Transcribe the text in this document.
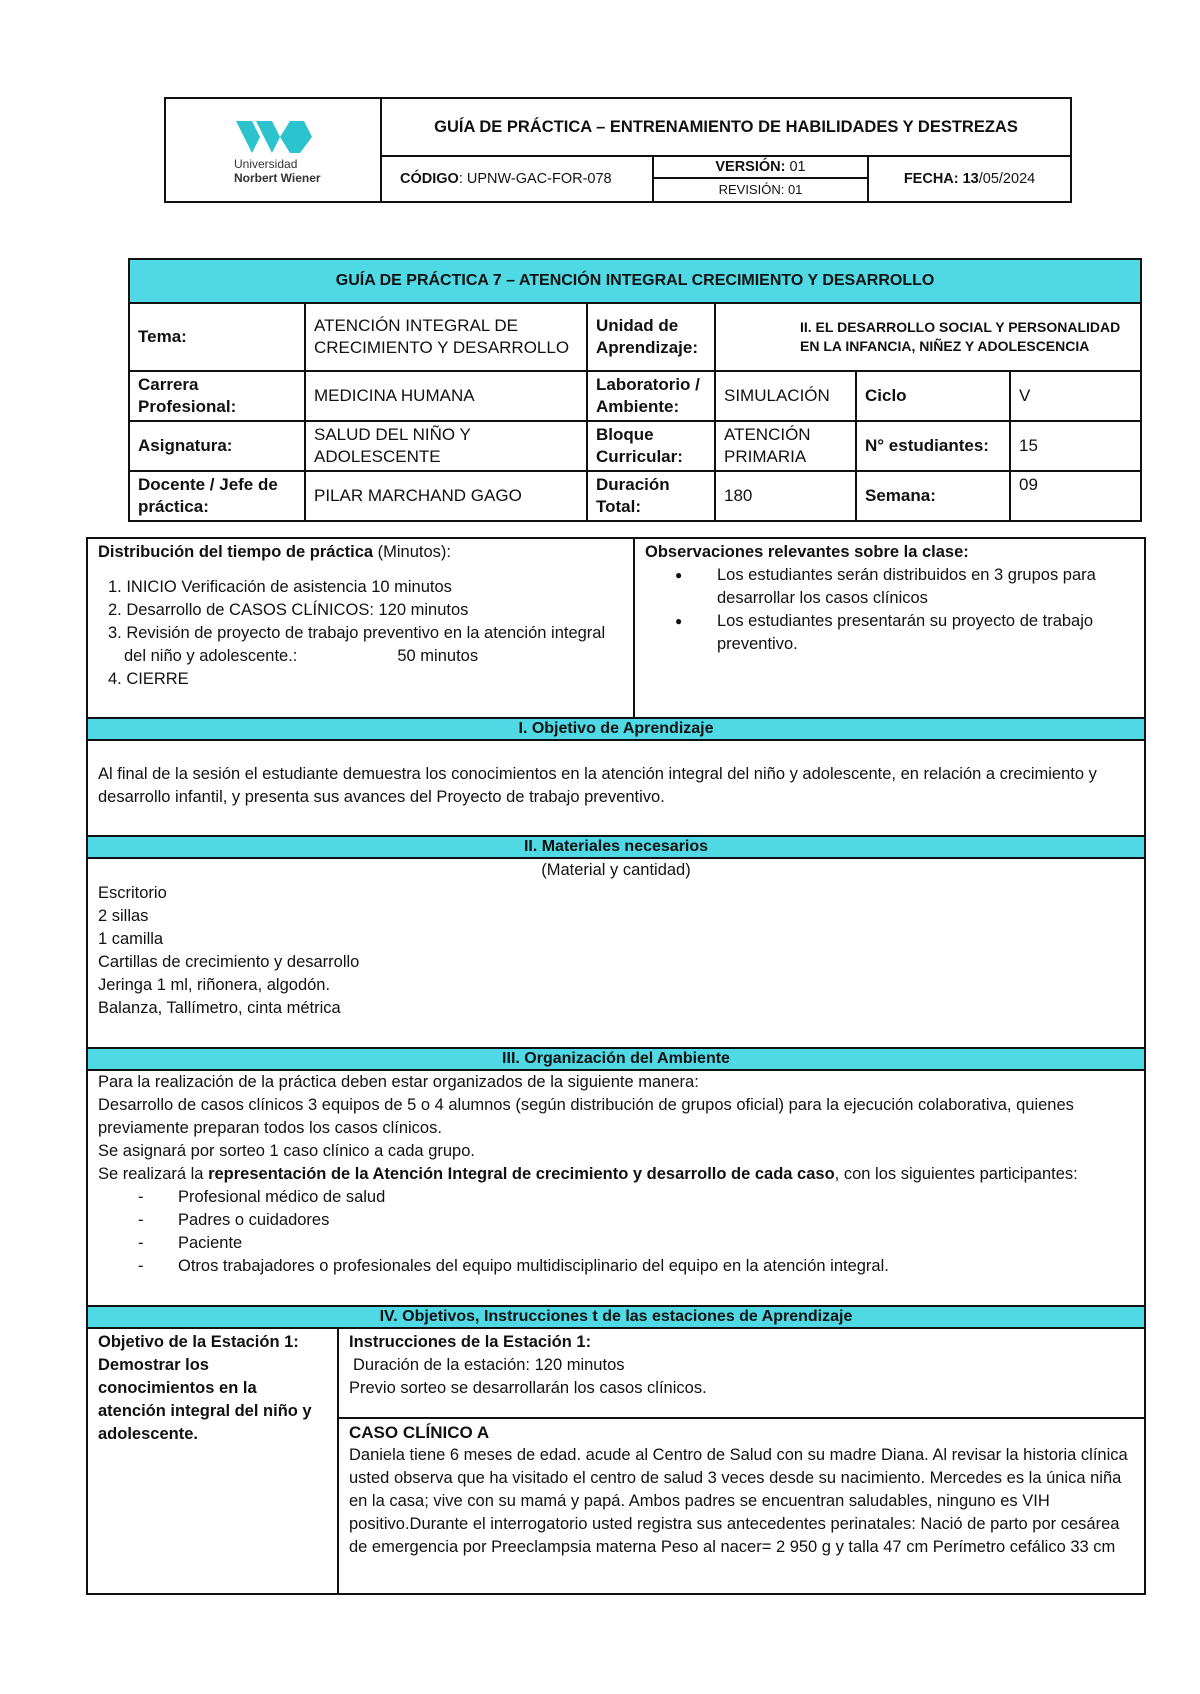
Universidad
Norbert Wiener	GUÍA DE PRÁCTICA – ENTRENAMIENTO DE HABILIDADES Y DESTREZAS		
	CÓDIGO: UPNW-GAC-FOR-078	VERSIÓN: 01
REVISIÓN: 01	FECHA: 13/05/2024
GUÍA DE PRÁCTICA 7 – ATENCIÓN INTEGRAL CRECIMIENTO Y DESARROLLO					
Tema:	ATENCIÓN INTEGRAL DE CRECIMIENTO Y DESARROLLO	Unidad de Aprendizaje:	II. EL DESARROLLO SOCIAL Y PERSONALIDAD EN LA INFANCIA, NIÑEZ Y ADOLESCENCIA		
Carrera Profesional:	MEDICINA HUMANA	Laboratorio / Ambiente:	SIMULACIÓN	Ciclo	V
Asignatura:	SALUD DEL NIÑO Y ADOLESCENTE	Bloque Curricular:	ATENCIÓN PRIMARIA	N° estudiantes:	15
Docente / Jefe de práctica:	PILAR MARCHAND GAGO	Duración Total:	180	Semana:	09
Distribución del tiempo de práctica (Minutos):
1. INICIO Verificación de asistencia 10 minutos
2. Desarrollo de CASOS CLÍNICOS: 120 minutos
3. Revisión de proyecto de trabajo preventivo en la atención integral
del niño y adolescente.:	50 minutos
4. CIERRE
Observaciones relevantes sobre la clase:
● Los estudiantes serán distribuidos en 3 grupos para desarrollar los casos clínicos
● Los estudiantes presentarán su proyecto de trabajo preventivo.
I. Objetivo de Aprendizaje
Al final de la sesión el estudiante demuestra los conocimientos en la atención integral del niño y adolescente, en relación a crecimiento y desarrollo infantil, y presenta sus avances del Proyecto de trabajo preventivo.
II. Materiales necesarios
(Material y cantidad)
Escritorio
2 sillas
1 camilla
Cartillas de crecimiento y desarrollo
Jeringa 1 ml, riñonera, algodón.
Balanza, Tallímetro, cinta métrica
III. Organización del Ambiente
Para la realización de la práctica deben estar organizados de la siguiente manera:
Desarrollo de casos clínicos 3 equipos de 5 o 4 alumnos (según distribución de grupos oficial) para la ejecución colaborativa, quienes previamente preparan todos los casos clínicos.
Se asignará por sorteo 1 caso clínico a cada grupo.
Se realizará la representación de la Atención Integral de crecimiento y desarrollo de cada caso, con los siguientes participantes:
- Profesional médico de salud
- Padres o cuidadores
- Paciente
- Otros trabajadores o profesionales del equipo multidisciplinario del equipo en la atención integral.
IV. Objetivos, Instrucciones t de las estaciones de Aprendizaje
Objetivo de la Estación 1:
Demostrar los conocimientos en la atención integral del niño y adolescente.
Instrucciones de la Estación 1:
Duración de la estación: 120 minutos
Previo sorteo se desarrollarán los casos clínicos.
CASO CLÍNICO A
Daniela tiene 6 meses de edad. acude al Centro de Salud con su madre Diana. Al revisar la historia clínica usted observa que ha visitado el centro de salud 3 veces desde su nacimiento. Mercedes es la única niña en la casa; vive con su mamá y papá. Ambos padres se encuentran saludables, ninguno es VIH positivo.Durante el interrogatorio usted registra sus antecedentes perinatales: Nació de parto por cesárea de emergencia por Preeclampsia materna Peso al nacer= 2 950 g y talla 47 cm Perímetro cefálico 33 cm
